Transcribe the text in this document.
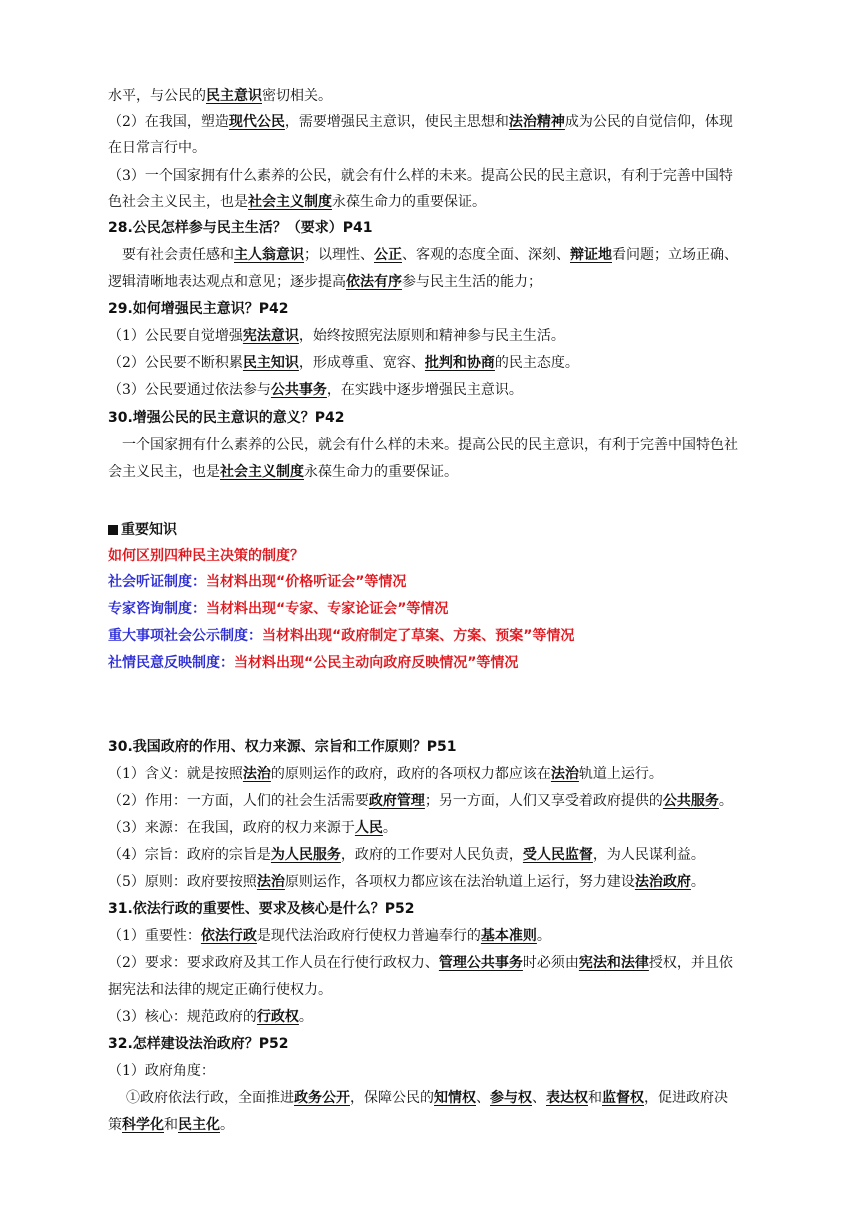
水平，与公民的民主意识密切相关。
（2）在我国，塑造现代公民，需要增强民主意识，使民主思想和法治精神成为公民的自觉信仰，体现
在日常言行中。
（3）一个国家拥有什么素养的公民，就会有什么样的未来。提高公民的民主意识，有利于完善中国特
色社会主义民主，也是社会主义制度永葆生命力的重要保证。
28.公民怎样参与民主生活？（要求）P41
要有社会责任感和主人翁意识；以理性、公正、客观的态度全面、深刻、辩证地看问题；立场正确、
逻辑清晰地表达观点和意见；逐步提高依法有序参与民主生活的能力；
29.如何增强民主意识？P42
（1）公民要自觉增强宪法意识，始终按照宪法原则和精神参与民主生活。
（2）公民要不断积累民主知识，形成尊重、宽容、批判和协商的民主态度。
（3）公民要通过依法参与公共事务，在实践中逐步增强民主意识。
30.增强公民的民主意识的意义？P42
一个国家拥有什么素养的公民，就会有什么样的未来。提高公民的民主意识，有利于完善中国特色社
会主义民主，也是社会主义制度永葆生命力的重要保证。
重要知识
如何区别四种民主决策的制度？
社会听证制度：当材料出现“价格听证会”等情况
专家咨询制度：当材料出现“专家、专家论证会”等情况
重大事项社会公示制度：当材料出现“政府制定了草案、方案、预案”等情况
社情民意反映制度：当材料出现“公民主动向政府反映情况”等情况
30.我国政府的作用、权力来源、宗旨和工作原则？P51
（1）含义：就是按照法治的原则运作的政府，政府的各项权力都应该在法治轨道上运行。
（2）作用：一方面，人们的社会生活需要政府管理；另一方面，人们又享受着政府提供的公共服务。
（3）来源：在我国，政府的权力来源于人民。
（4）宗旨：政府的宗旨是为人民服务，政府的工作要对人民负责，受人民监督，为人民谋利益。
（5）原则：政府要按照法治原则运作，各项权力都应该在法治轨道上运行，努力建设法治政府。
31.依法行政的重要性、要求及核心是什么？P52
（1）重要性：依法行政是现代法治政府行使权力普遍奉行的基本准则。
（2）要求：要求政府及其工作人员在行使行政权力、管理公共事务时必须由宪法和法律授权，并且依
据宪法和法律的规定正确行使权力。
（3）核心：规范政府的行政权。
32.怎样建设法治政府？P52
（1）政府角度：
①政府依法行政，全面推进政务公开，保障公民的知情权、参与权、表达权和监督权，促进政府决
策科学化和民主化。
